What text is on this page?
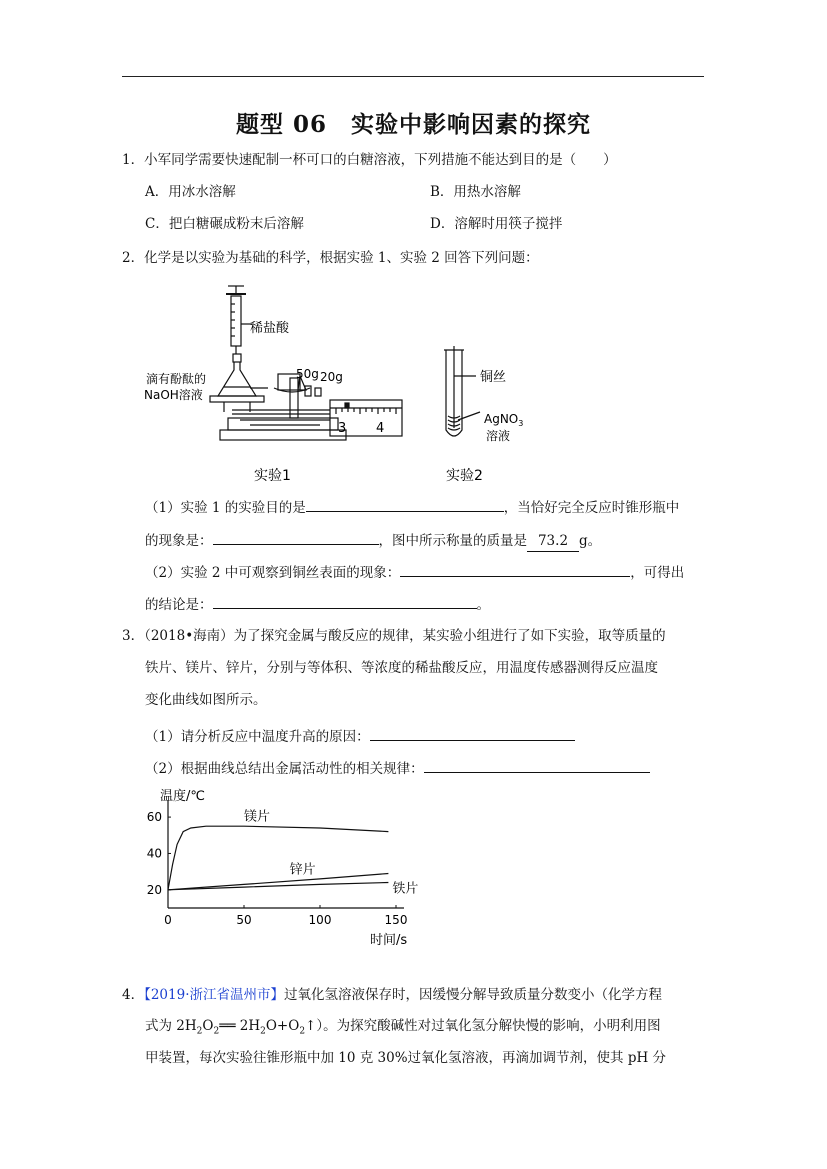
题型 06　实验中影响因素的探究
1．小军同学需要快速配制一杯可口的白糖溶液，下列措施不能达到目的是（　　）
A．用冰水溶解	B．用热水溶解
C．把白糖碾成粉末后溶解	D．溶解时用筷子搅拌
2．化学是以实验为基础的科学，根据实验 1、实验 2 回答下列问题：
稀盐酸
滴有酚酞的
NaOH溶液
50g 20g
3 4
实验1
铜丝
AgNO$_3$
溶液
实验2
（1）实验 1 的实验目的是	，当恰好完全反应时锥形瓶中
的现象是：	，图中所示称量的质量是 73.2 g。
（2）实验 2 中可观察到铜丝表面的现象：	，可得出
的结论是：	。
3．（2018•海南）为了探究金属与酸反应的规律，某实验小组进行了如下实验，取等质量的
铁片、镁片、锌片，分别与等体积、等浓度的稀盐酸反应，用温度传感器测得反应温度
变化曲线如图所示。
（1）请分析反应中温度升高的原因：
（2）根据曲线总结出金属活动性的相关规律：
温度/℃
时间/s
0	50	100	150
20
40
60	镁片
锌片
铁片
4．【2019·浙江省温州市】过氧化氢溶液保存时，因缓慢分解导致质量分数变小（化学方程
式为 $2H_2O_2══$ $2H_2O+O_2↑$）。为探究酸碱性对过氧化氢分解快慢的影响，小明利用图
甲装置，每次实验往锥形瓶中加 10 克 30%过氧化氢溶液，再滴加调节剂，使其 pH 分
